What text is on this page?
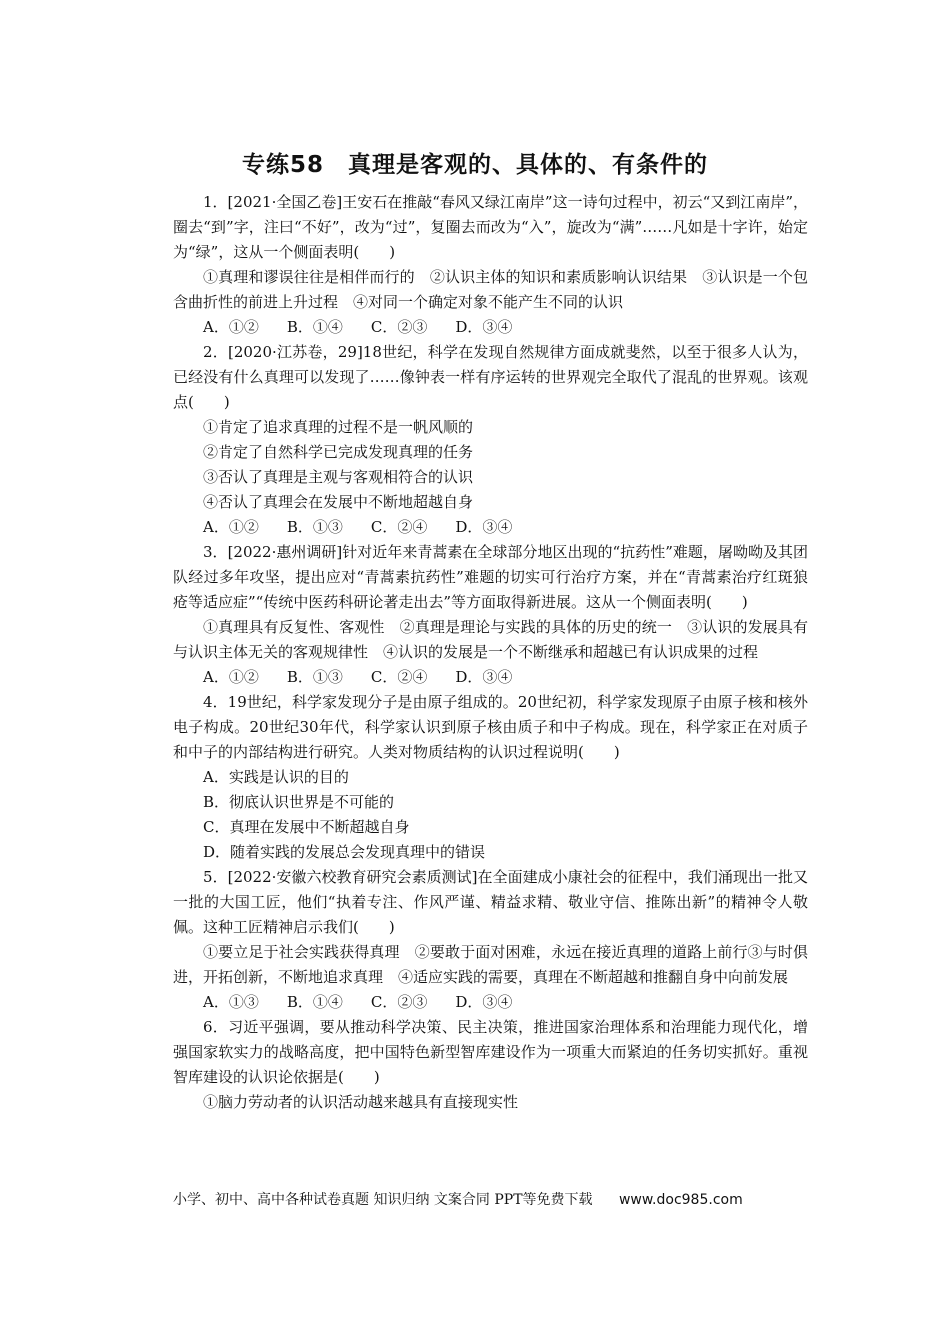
专练58　真理是客观的、具体的、有条件的

1．[2021·全国乙卷]王安石在推敲“春风又绿江南岸”这一诗句过程中，初云“又到江南岸”，圈去“到”字，注曰“不好”，改为“过”，复圈去而改为“入”，旋改为“满”……凡如是十字许，始定为“绿”，这从一个侧面表明(　　)

①真理和谬误往往是相伴而行的　②认识主体的知识和素质影响认识结果　③认识是一个包含曲折性的前进上升过程　④对同一个确定对象不能产生不同的认识

A．①② B．①④ C．②③ D．③④

2．[2020·江苏卷，29]18世纪，科学在发现自然规律方面成就斐然，以至于很多人认为，已经没有什么真理可以发现了……像钟表一样有序运转的世界观完全取代了混乱的世界观。该观点(　　)

①肯定了追求真理的过程不是一帆风顺的

②肯定了自然科学已完成发现真理的任务

③否认了真理是主观与客观相符合的认识

④否认了真理会在发展中不断地超越自身

A．①② B．①③ C．②④ D．③④

3．[2022·惠州调研]针对近年来青蒿素在全球部分地区出现的“抗药性”难题，屠呦呦及其团队经过多年攻坚，提出应对“青蒿素抗药性”难题的切实可行治疗方案，并在“青蒿素治疗红斑狼疮等适应症”“传统中医药科研论著走出去”等方面取得新进展。这从一个侧面表明(　　)

①真理具有反复性、客观性　②真理是理论与实践的具体的历史的统一　③认识的发展具有与认识主体无关的客观规律性　④认识的发展是一个不断继承和超越已有认识成果的过程

A．①② B．①③ C．②④ D．③④

4．19世纪，科学家发现分子是由原子组成的。20世纪初，科学家发现原子由原子核和核外电子构成。20世纪30年代，科学家认识到原子核由质子和中子构成。现在，科学家正在对质子和中子的内部结构进行研究。人类对物质结构的认识过程说明(　　)

A．实践是认识的目的

B．彻底认识世界是不可能的

C．真理在发展中不断超越自身

D．随着实践的发展总会发现真理中的错误

5．[2022·安徽六校教育研究会素质测试]在全面建成小康社会的征程中，我们涌现出一批又一批的大国工匠，他们“执着专注、作风严谨、精益求精、敬业守信、推陈出新”的精神令人敬佩。这种工匠精神启示我们(　　)

①要立足于社会实践获得真理　②要敢于面对困难，永远在接近真理的道路上前行③与时俱进，开拓创新，不断地追求真理　④适应实践的需要，真理在不断超越和推翻自身中向前发展

A．①③ B．①④ C．②③ D．③④

6．习近平强调，要从推动科学决策、民主决策，推进国家治理体系和治理能力现代化，增强国家软实力的战略高度，把中国特色新型智库建设作为一项重大而紧迫的任务切实抓好。重视智库建设的认识论依据是(　　)

①脑力劳动者的认识活动越来越具有直接现实性

小学、初中、高中各种试卷真题 知识归纳 文案合同 PPT等免费下载 www.doc985.com
